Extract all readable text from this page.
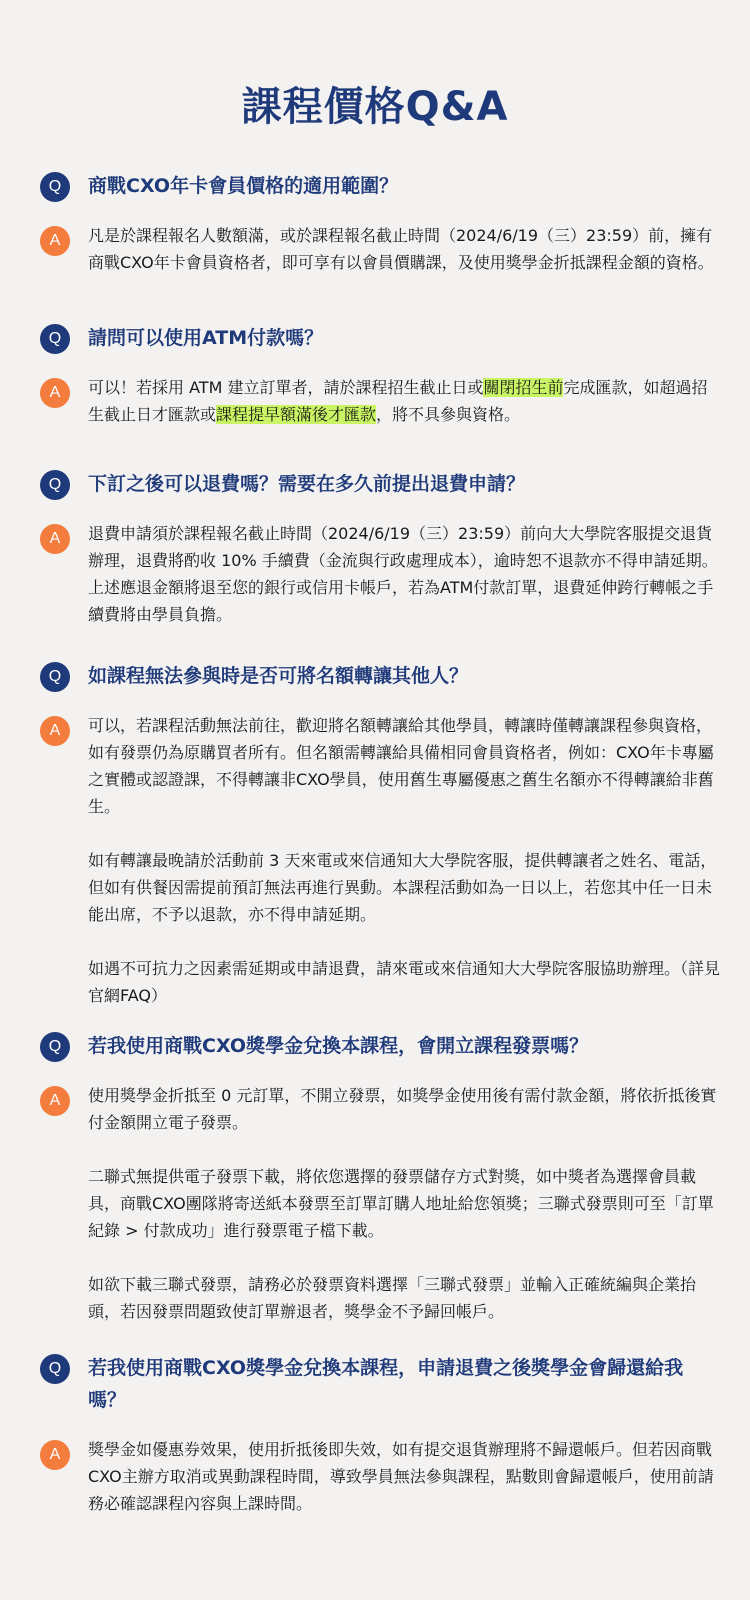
課程價格Q&A
Q	商戰CXO年卡會員價格的適用範圍？
A	凡是於課程報名人數額滿，或於課程報名截止時間（2024/6/19（三）23:59）前，擁有商戰CXO年卡會員資格者，即可享有以會員價購課，及使用獎學金折抵課程金額的資格。

Q	請問可以使用ATM付款嗎？
A	可以！若採用 ATM 建立訂單者，請於課程招生截止日或關閉招生前完成匯款，如超過招生截止日才匯款或課程提早額滿後才匯款，將不具參與資格。

Q	下訂之後可以退費嗎？需要在多久前提出退費申請？
A	退費申請須於課程報名截止時間（2024/6/19（三）23:59）前向大大學院客服提交退貨辦理，退費將酌收 10% 手續費（金流與行政處理成本），逾時恕不退款亦不得申請延期。上述應退金額將退至您的銀行或信用卡帳戶，若為ATM付款訂單，退費延伸跨行轉帳之手續費將由學員負擔。

Q	如課程無法參與時是否可將名額轉讓其他人？
A	可以，若課程活動無法前往，歡迎將名額轉讓給其他學員，轉讓時僅轉讓課程參與資格，如有發票仍為原購買者所有。但名額需轉讓給具備相同會員資格者，例如：CXO年卡專屬之實體或認證課，不得轉讓非CXO學員，使用舊生專屬優惠之舊生名額亦不得轉讓給非舊生。

如有轉讓最晚請於活動前 3 天來電或來信通知大大學院客服，提供轉讓者之姓名、電話，但如有供餐因需提前預訂無法再進行異動。本課程活動如為一日以上，若您其中任一日未能出席，不予以退款，亦不得申請延期。

如遇不可抗力之因素需延期或申請退費，請來電或來信通知大大學院客服協助辦理。（詳見官網FAQ）

Q	若我使用商戰CXO獎學金兌換本課程，會開立課程發票嗎？
A	使用獎學金折抵至 0 元訂單，不開立發票，如獎學金使用後有需付款金額，將依折抵後實付金額開立電子發票。

二聯式無提供電子發票下載，將依您選擇的發票儲存方式對獎，如中獎者為選擇會員載具，商戰CXO團隊將寄送紙本發票至訂單訂購人地址給您領獎；三聯式發票則可至「訂單紀錄 > 付款成功」進行發票電子檔下載。

如欲下載三聯式發票，請務必於發票資料選擇「三聯式發票」並輸入正確統編與企業抬頭，若因發票問題致使訂單辦退者，獎學金不予歸回帳戶。

Q	若我使用商戰CXO獎學金兌換本課程，申請退費之後獎學金會歸還給我嗎？
A	獎學金如優惠券效果，使用折抵後即失效，如有提交退貨辦理將不歸還帳戶。但若因商戰CXO主辦方取消或異動課程時間，導致學員無法參與課程，點數則會歸還帳戶，使用前請務必確認課程內容與上課時間。
